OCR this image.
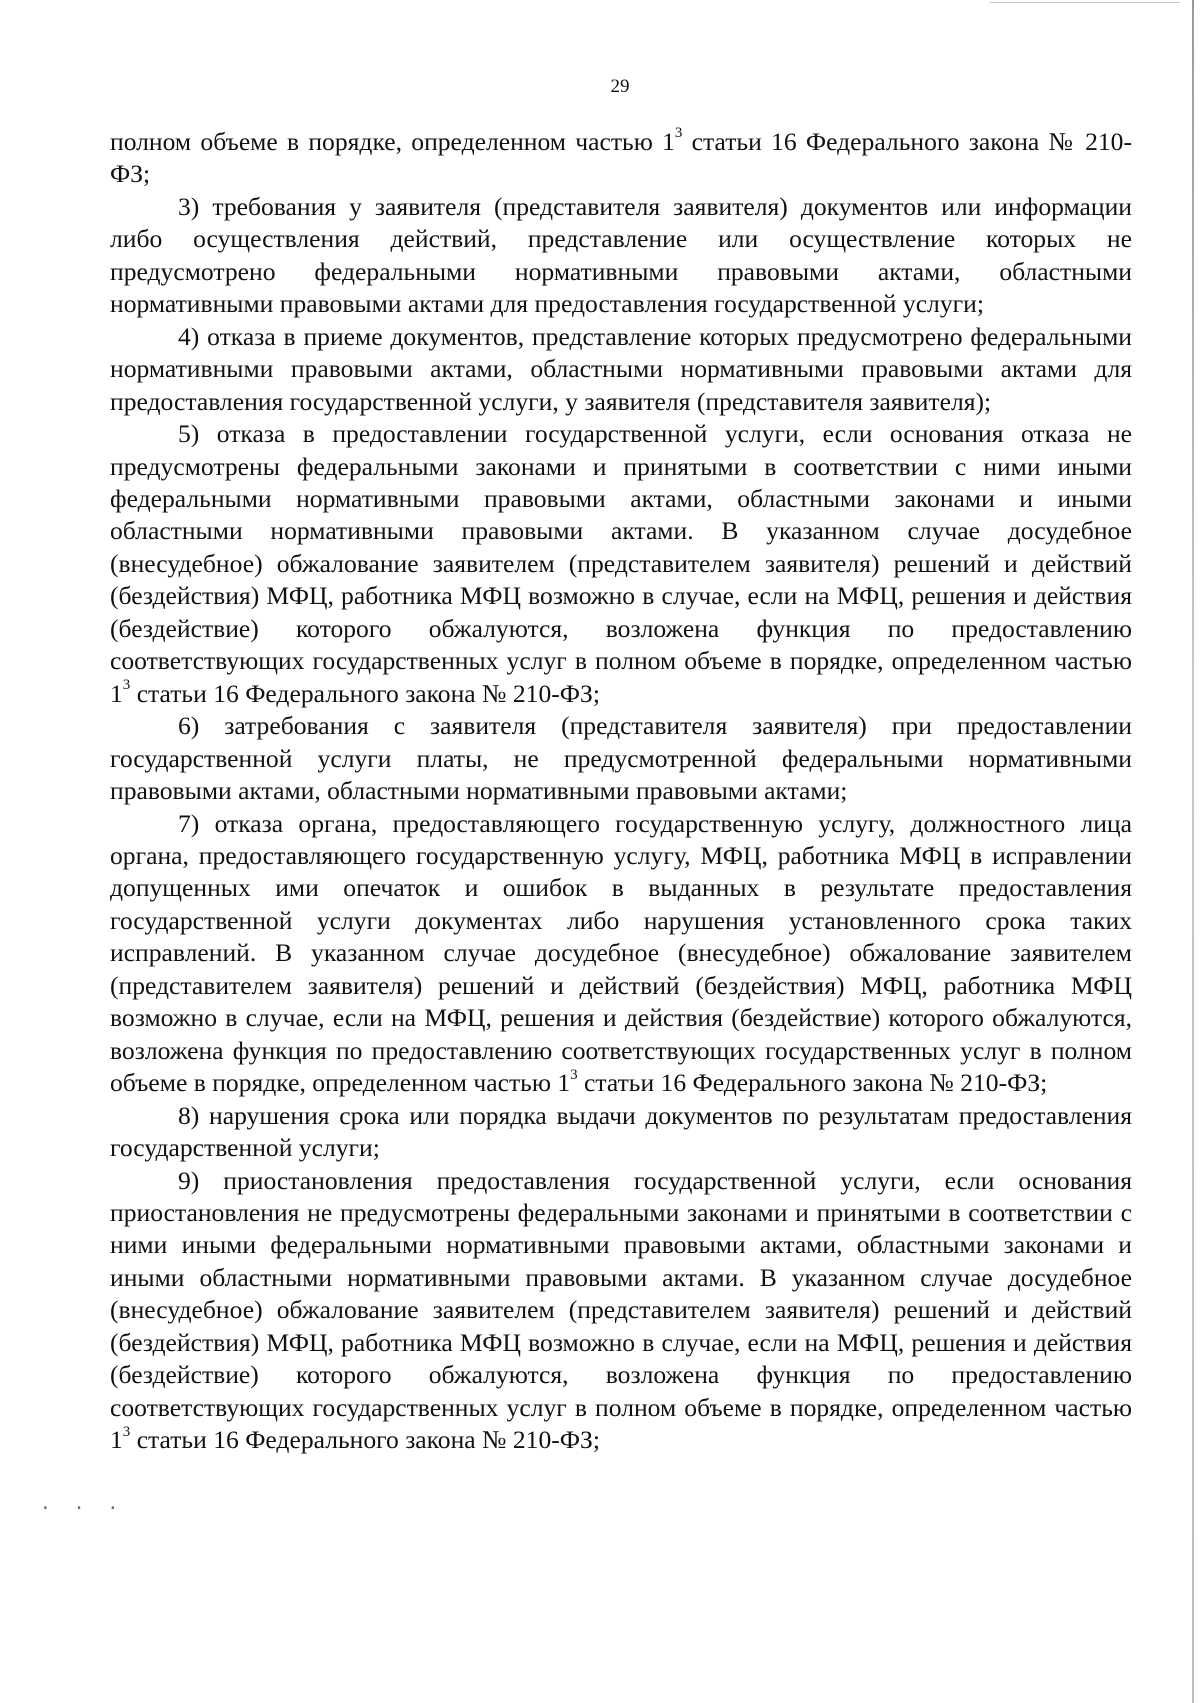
· · ·
29

полном объеме в порядке, определенном частью $1^3$ статьи 16 Федерального закона № 210-ФЗ;

3) требования у заявителя (представителя заявителя) документов или информации либо осуществления действий, представление или осуществление которых не предусмотрено федеральными нормативными правовыми актами, областными нормативными правовыми актами для предоставления государственной услуги;

4) отказа в приеме документов, представление которых предусмотрено федеральными нормативными правовыми актами, областными нормативными правовыми актами для предоставления государственной услуги, у заявителя (представителя заявителя);

5) отказа в предоставлении государственной услуги, если основания отказа не предусмотрены федеральными законами и принятыми в соответствии с ними иными федеральными нормативными правовыми актами, областными законами и иными областными нормативными правовыми актами. В указанном случае досудебное (внесудебное) обжалование заявителем (представителем заявителя) решений и действий (бездействия) МФЦ, работника МФЦ возможно в случае, если на МФЦ, решения и действия (бездействие) которого обжалуются, возложена функция по предоставлению соответствующих государственных услуг в полном объеме в порядке, определенном частью $1^3$ статьи 16 Федерального закона № 210-ФЗ;

6) затребования с заявителя (представителя заявителя) при предоставлении государственной услуги платы, не предусмотренной федеральными нормативными правовыми актами, областными нормативными правовыми актами;

7) отказа органа, предоставляющего государственную услугу, должностного лица органа, предоставляющего государственную услугу, МФЦ, работника МФЦ в исправлении допущенных ими опечаток и ошибок в выданных в результате предоставления государственной услуги документах либо нарушения установленного срока таких исправлений. В указанном случае досудебное (внесудебное) обжалование заявителем (представителем заявителя) решений и действий (бездействия) МФЦ, работника МФЦ возможно в случае, если на МФЦ, решения и действия (бездействие) которого обжалуются, возложена функция по предоставлению соответствующих государственных услуг в полном объеме в порядке, определенном частью $1^3$ статьи 16 Федерального закона № 210-ФЗ;

8) нарушения срока или порядка выдачи документов по результатам предоставления государственной услуги;

9) приостановления предоставления государственной услуги, если основания приостановления не предусмотрены федеральными законами и принятыми в соответствии с ними иными федеральными нормативными правовыми актами, областными законами и иными областными нормативными правовыми актами. В указанном случае досудебное (внесудебное) обжалование заявителем (представителем заявителя) решений и действий (бездействия) МФЦ, работника МФЦ возможно в случае, если на МФЦ, решения и действия (бездействие) которого обжалуются, возложена функция по предоставлению соответствующих государственных услуг в полном объеме в порядке, определенном частью $1^3$ статьи 16 Федерального закона № 210-ФЗ;
